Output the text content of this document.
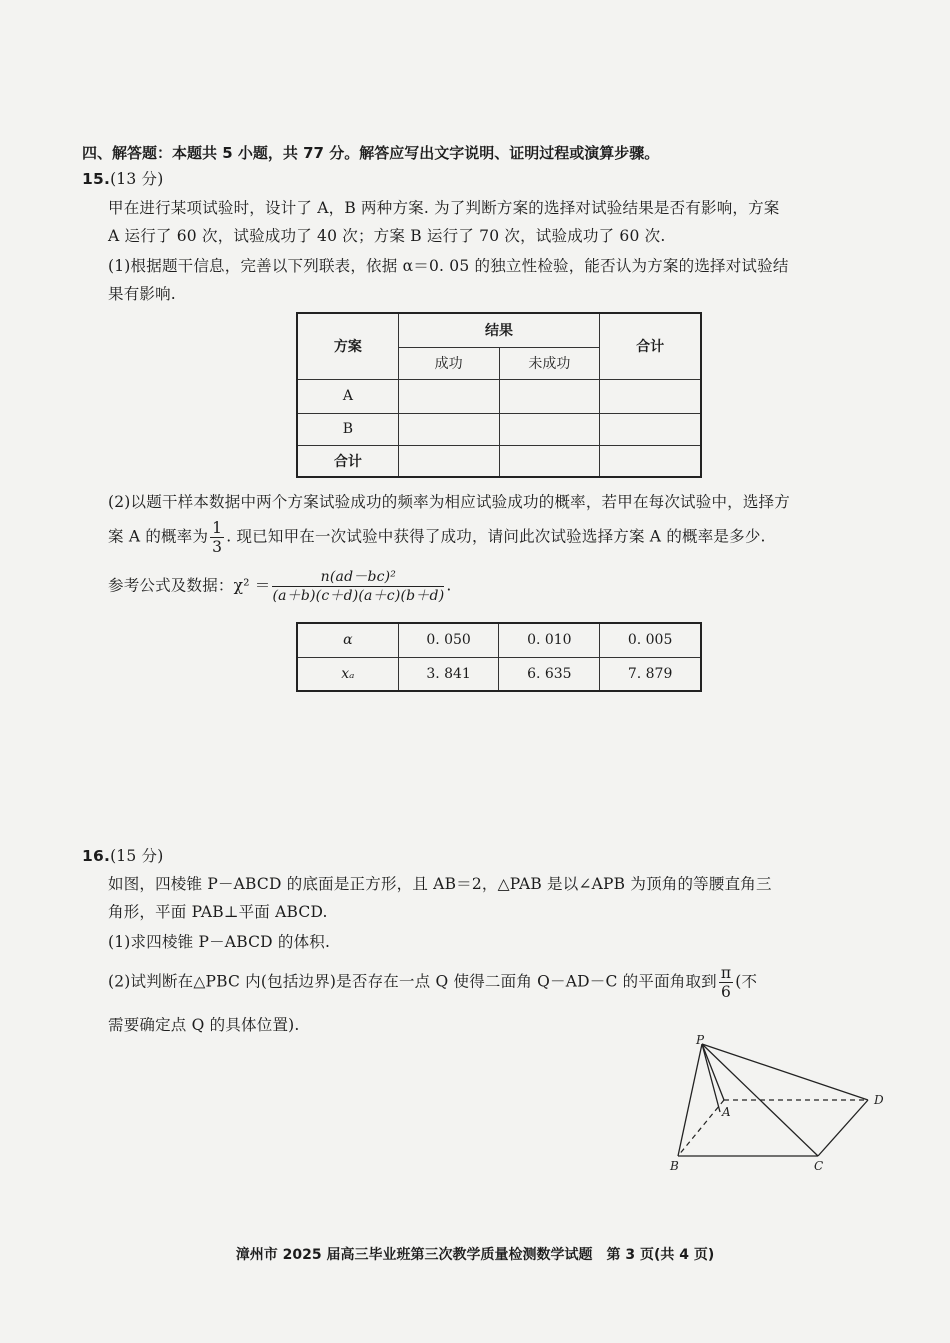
四、解答题：本题共 5 小题，共 77 分。解答应写出文字说明、证明过程或演算步骤。
15.(13 分)
甲在进行某项试验时，设计了 A，B 两种方案. 为了判断方案的选择对试验结果是否有影响，方案
A 运行了 60 次，试验成功了 40 次；方案 B 运行了 70 次，试验成功了 60 次.
(1)根据题干信息，完善以下列联表，依据 α＝0. 05 的独立性检验，能否认为方案的选择对试验结
果有影响.
方案	结果		合计
	成功	未成功	
A			
B			
合计			
(2)以题干样本数据中两个方案试验成功的频率为相应试验成功的概率，若甲在每次试验中，选择方
案 A 的概率为 $\frac{1}{3}$ . 现已知甲在一次试验中获得了成功，请问此次试验选择方案 A 的概率是多少.
参考公式及数据：$\chi^2 = \frac{\text{n(ad－bc)²}}{(a+b)(c+d)(a+c)(b+d)}$ .
α	0. 050	0. 010	0. 005
xₐ	3. 841	6. 635	7. 879
16.(15 分)
如图，四棱锥 P－ABCD 的底面是正方形，且 AB＝2，△PAB 是以∠APB 为顶角的等腰直角三
角形，平面 PAB⊥平面 ABCD.
(1)求四棱锥 P－ABCD 的体积.
(2)试判断在△PBC 内(包括边界)是否存在一点 Q 使得二面角 Q－AD－C 的平面角取到 $\frac{\pi}{6}$ (不
需要确定点 Q 的具体位置).
P
A
B	C
D
漳州市 2025 届高三毕业班第三次教学质量检测数学试题　第 3 页(共 4 页)
